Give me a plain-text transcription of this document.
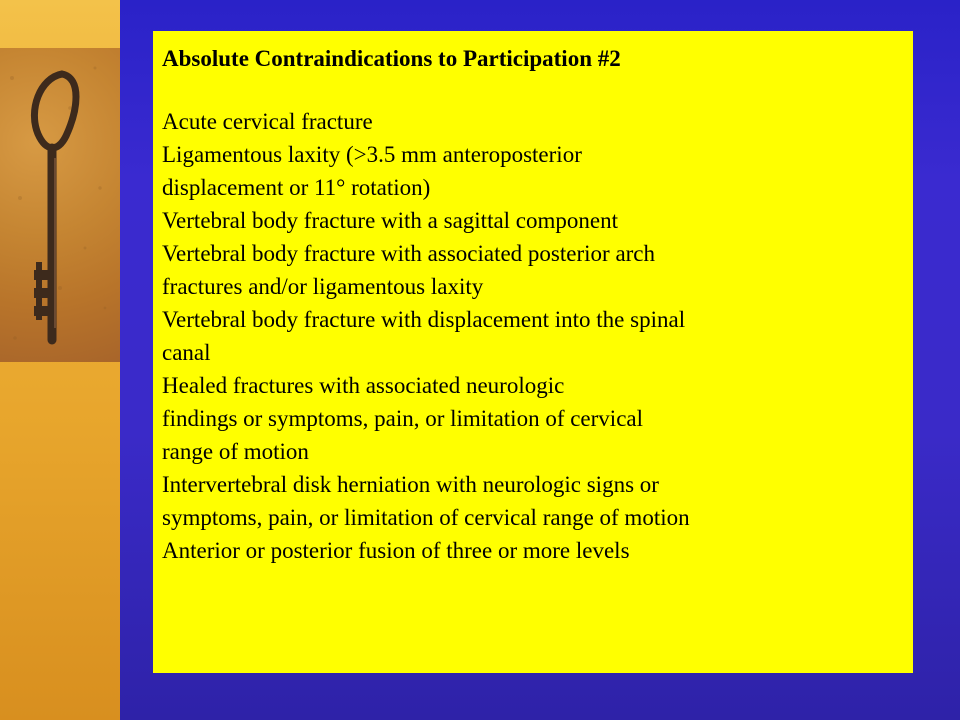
Absolute Contraindications to Participation #2
Acute cervical fracture
Ligamentous laxity (>3.5 mm anteroposterior
displacement or 11° rotation)
Vertebral body fracture with a sagittal component
Vertebral body fracture with associated posterior arch
fractures and/or ligamentous laxity
Vertebral body fracture with displacement into the spinal
canal
Healed fractures with associated neurologic
findings or symptoms, pain, or limitation of cervical
range of motion
Intervertebral disk herniation with neurologic signs or
symptoms, pain, or limitation of cervical range of motion
Anterior or posterior fusion of three or more levels
